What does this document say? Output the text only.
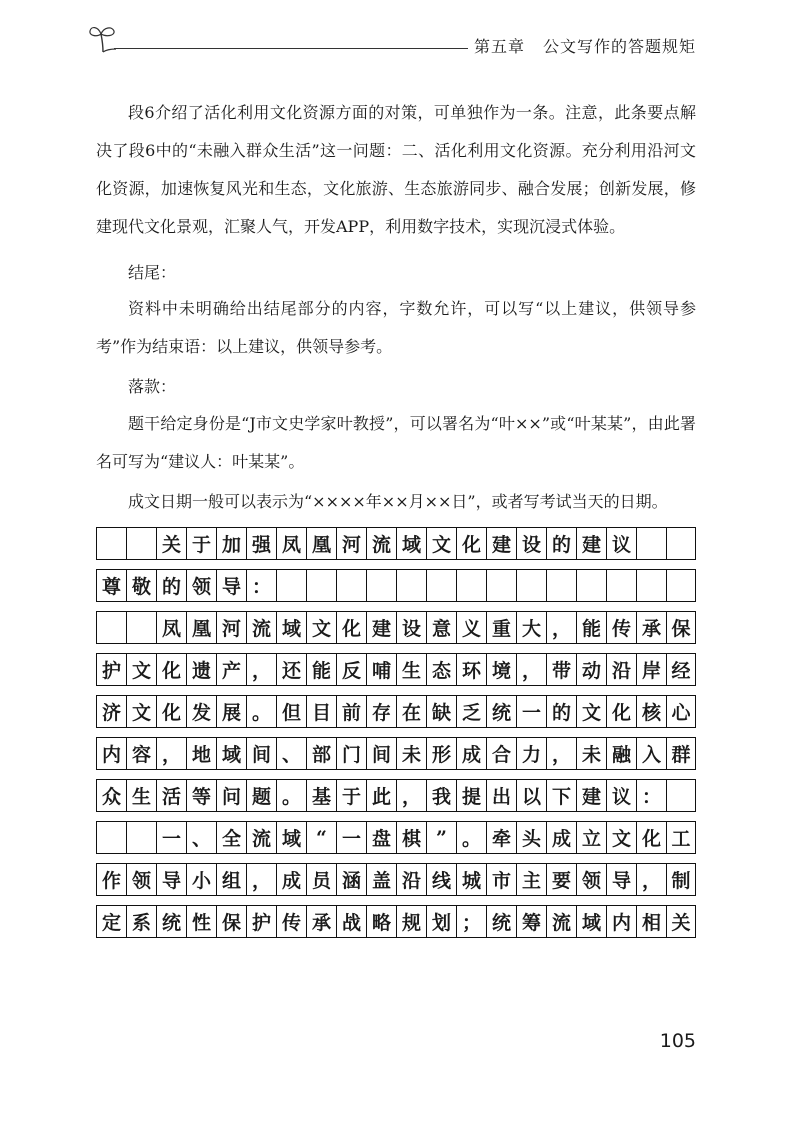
第五章 公文写作的答题规矩

段6介绍了活化利用文化资源方面的对策，可单独作为一条。注意，此条要点解决了段6中的“未融入群众生活”这一问题：二、活化利用文化资源。充分利用沿河文化资源，加速恢复风光和生态，文化旅游、生态旅游同步、融合发展；创新发展，修建现代文化景观，汇聚人气，开发APP，利用数字技术，实现沉浸式体验。

结尾：

资料中未明确给出结尾部分的内容，字数允许，可以写“以上建议，供领导参考”作为结束语：以上建议，供领导参考。

落款：

题干给定身份是“J市文史学家叶教授”，可以署名为“叶××”或“叶某某”，由此署名可写为“建议人：叶某某”。

成文日期一般可以表示为“××××年××月××日”，或者写考试当天的日期。

关 于 加 强 凤 凰 河 流 域 文 化 建 设 的 建 议
尊 敬 的 领 导 ：
凤 凰 河 流 域 文 化 建 设 意 义 重 大 ， 能 传 承 保
护 文 化 遗 产 ， 还 能 反 哺 生 态 环 境 ， 带 动 沿 岸 经
济 文 化 发 展 。 但 目 前 存 在 缺 乏 统 一 的 文 化 核 心
内 容 ， 地 域 间 、 部 门 间 未 形 成 合 力 ， 未 融 入 群
众 生 活 等 问 题 。 基 于 此 ， 我 提 出 以 下 建 议 ：
一 、 全 流 域 “ 一 盘 棋 ” 。 牵 头 成 立 文 化 工
作 领 导 小 组 ， 成 员 涵 盖 沿 线 城 市 主 要 领 导 ， 制
定 系 统 性 保 护 传 承 战 略 规 划 ； 统 筹 流 域 内 相 关
105
